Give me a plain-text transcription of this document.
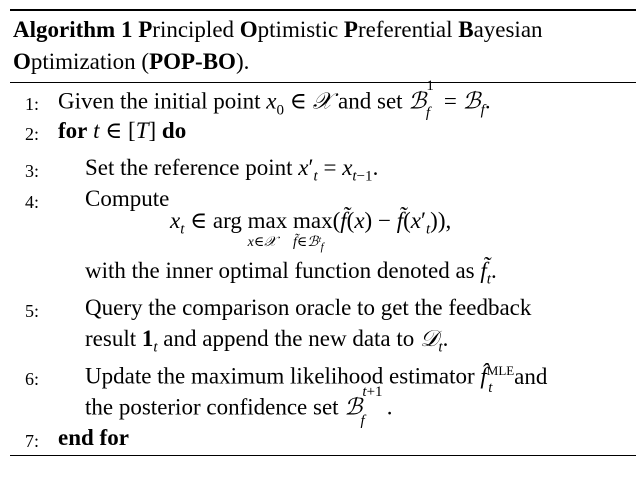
Algorithm 1 Principled Optimistic Preferential Bayesian
Optimization (POP-BO).
1: Given the initial point $x_0$ ∈ 𝒳 and set ℬ$^1_f$ = ℬ$_f$.
2: for t ∈ [T] do
3:	Set the reference point $x'_t = x_{t-1}$.
4:	Compute
$x_t$ ∈ arg max
x∈𝒳
max
f̃∈ℬᵗ$_f$
(f̃(x) − $f̃(x'_t)$),
with the inner optimal function denoted as $f̃_t$.
5:	Query the comparison oracle to get the feedback
result $1_t$ and append the new data to 𝒟$_t$.
6:	Update the maximum likelihood estimator f̂$^{MLE}_t$ and
the posterior confidence set ℬ$^{t+1}_f$.
7: end for
